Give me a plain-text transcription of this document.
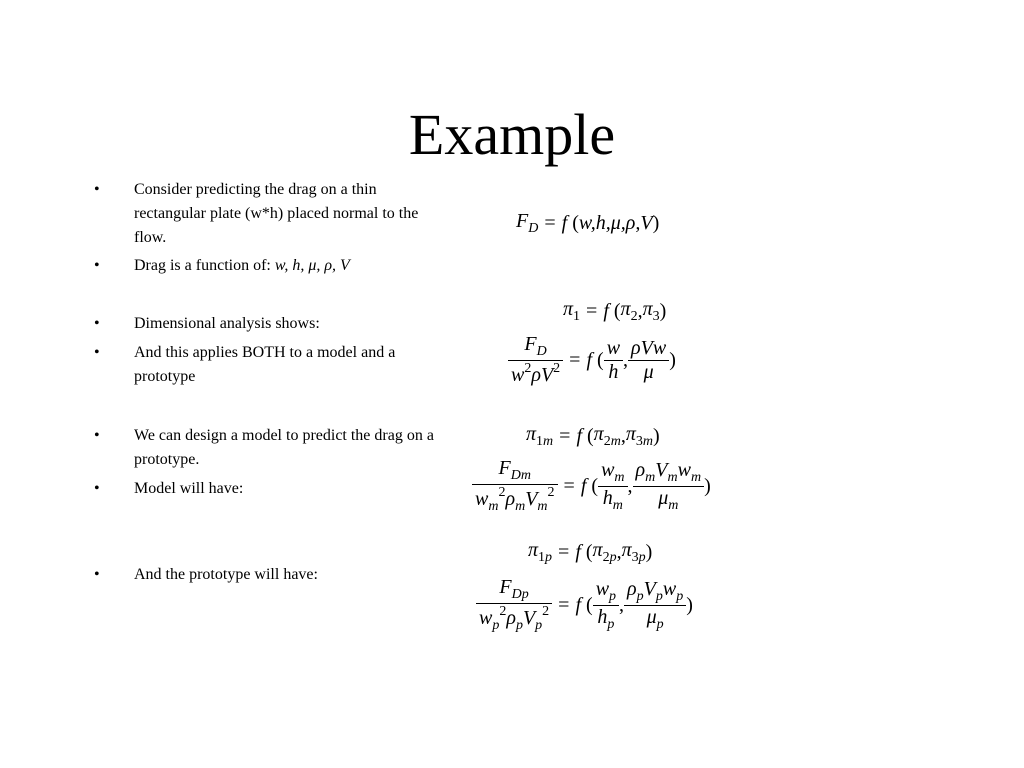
Example
•	Consider predicting the drag on a thin rectangular plate (w*h) placed normal to the flow.
•	Drag is a function of: w, h, μ, ρ, V
•	Dimensional analysis shows:
•	And this applies BOTH to a model and a prototype
•	We can design a model to predict the drag on a prototype.
•	Model will have:
•	And the prototype will have:
$F_D = f$ ( w,h,μ,ρ,V )
$\pi_1 = f$ ( $\pi_2$ , $\pi_3$ )
$\frac{F_D}{w^2\rho V^2} = f$ ( $\frac{w}{h}$ , $\frac{\text{ρVw}}{\mu}$ )
$\pi_{1m} = f$ ( $\pi_{2m}$ , $\pi_{3m}$ )
$\frac{F_{Dm}}{w_m^2\rho_mV_m^2} = f$ ( $\frac{w_m}{h_m}$ , $\frac{\rho_mV_mw_m}{\mu_m}$ )
$\pi_{1p} = f$ ( $\pi_{2p}$ , $\pi_{3p}$ )
$\frac{F_{Dp}}{w_p^2\rho_pV_p^2} = f$ ( $\frac{w_p}{h_p}$ , $\frac{\rho_pV_pw_p}{\mu_p}$ )
